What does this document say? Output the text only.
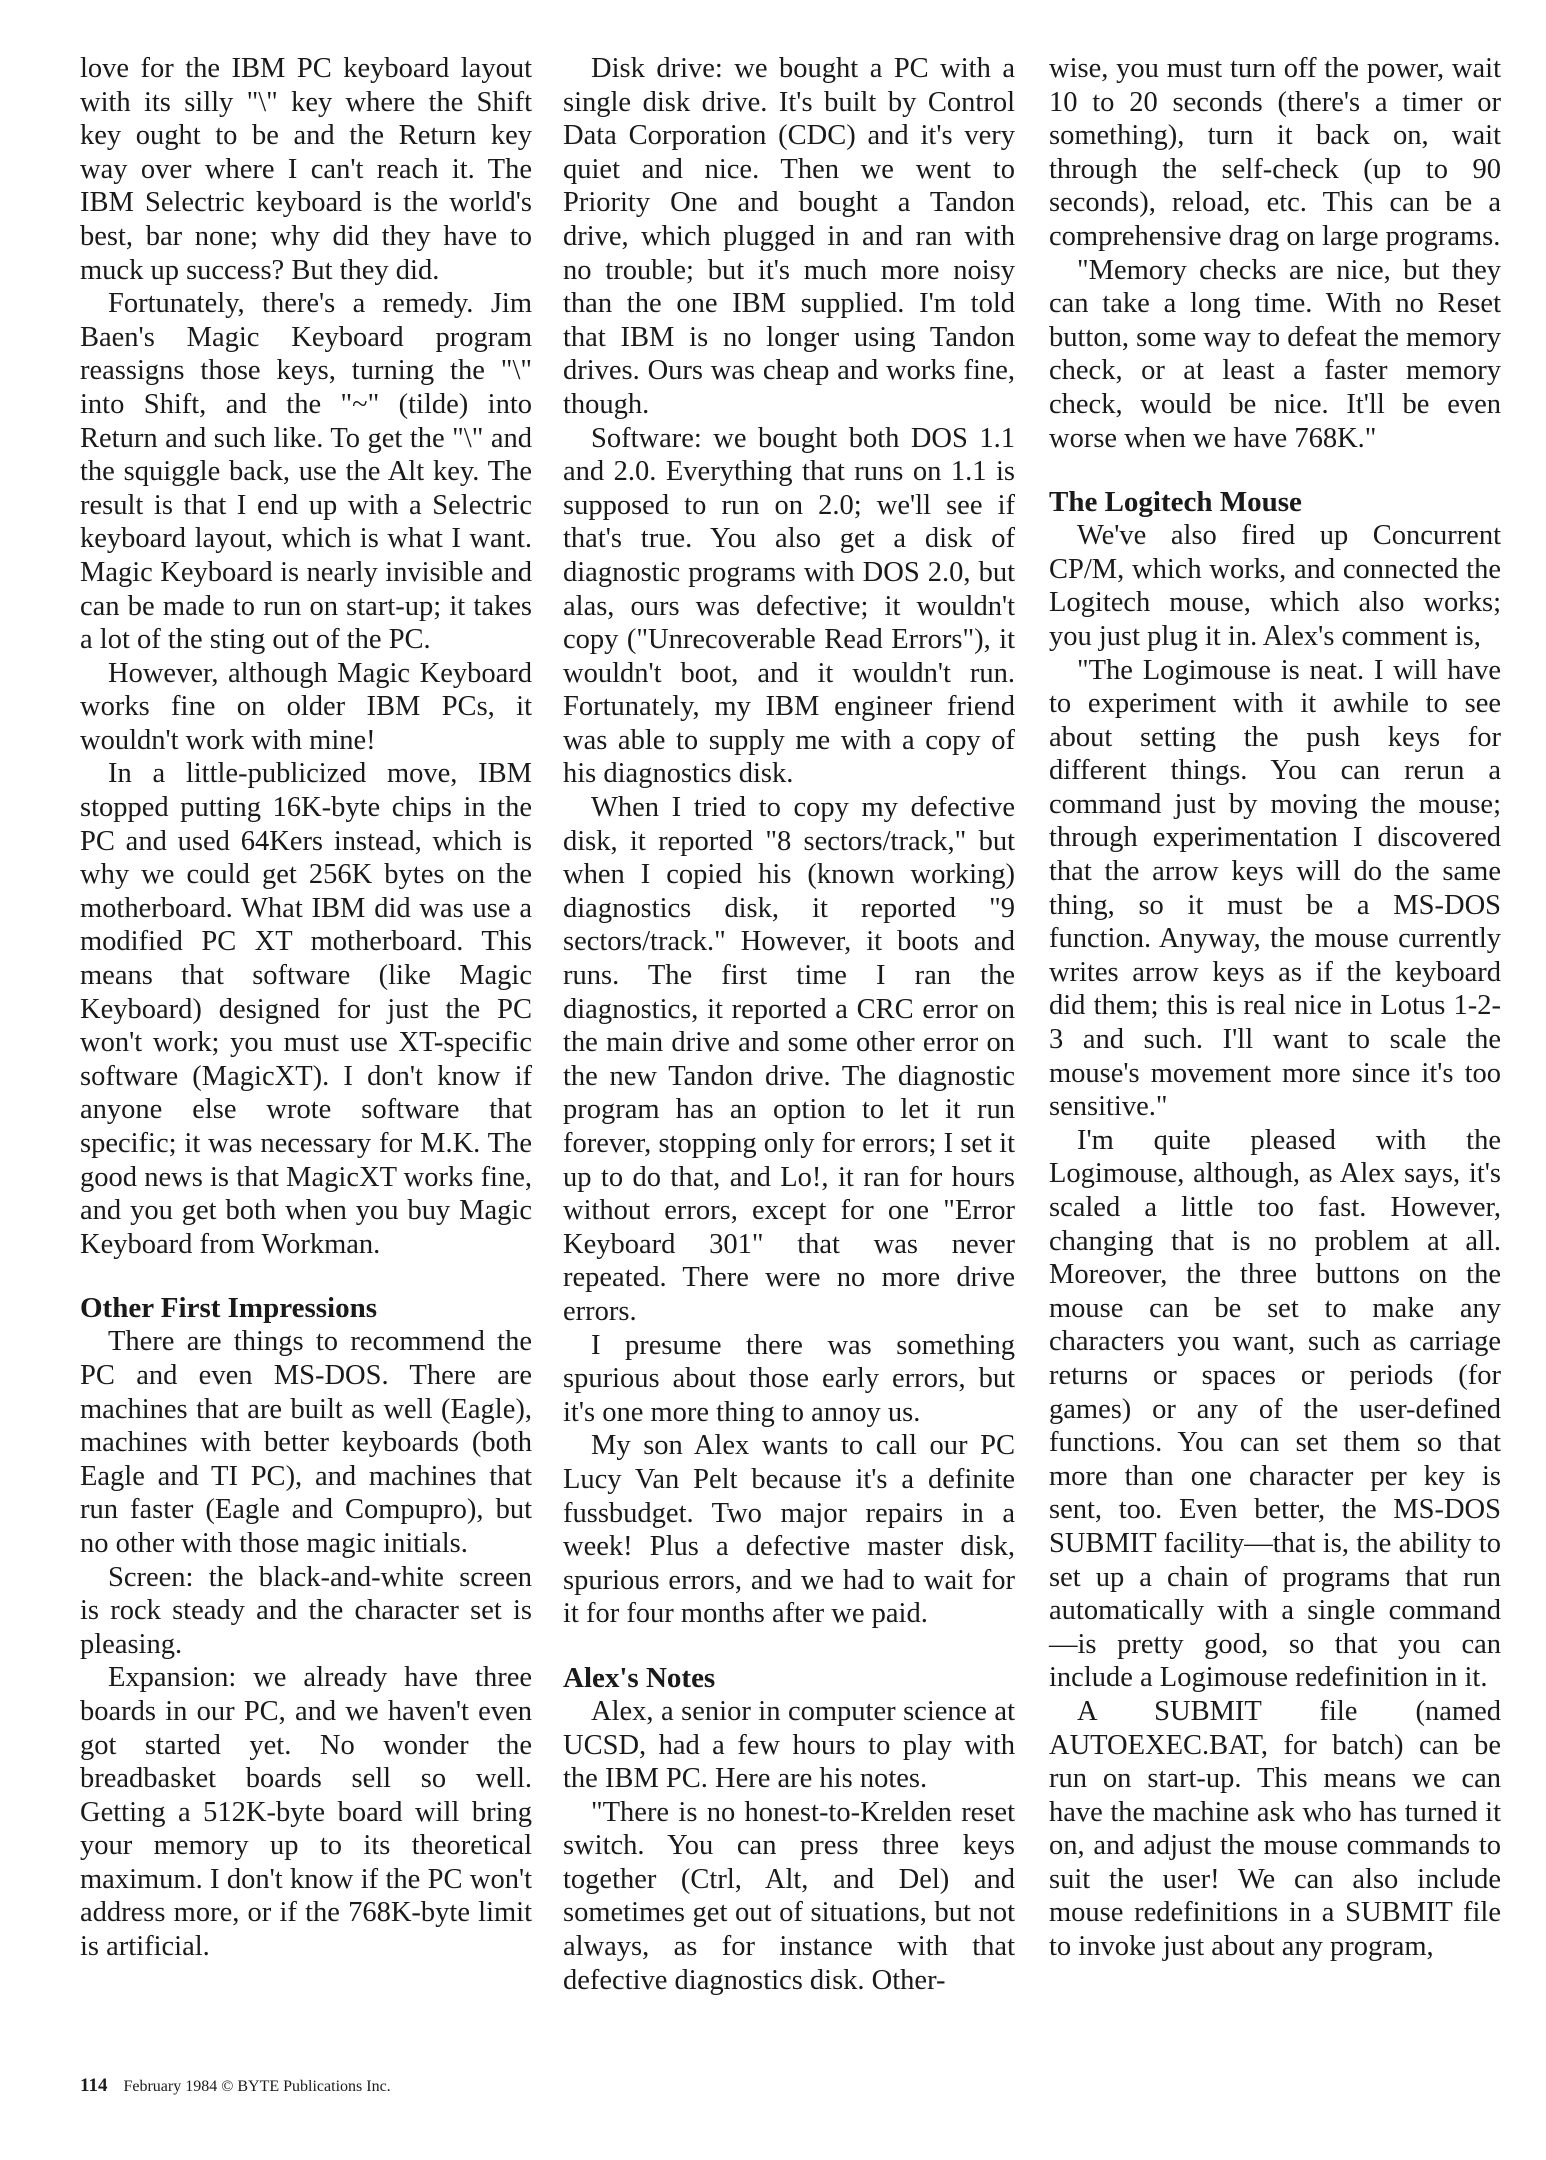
love for the IBM PC keyboard layout with its silly "\" key where the Shift key ought to be and the Return key way over where I can't reach it. The IBM Selectric keyboard is the world's best, bar none; why did they have to muck up success? But they did.

Fortunately, there's a remedy. Jim Baen's Magic Keyboard program reassigns those keys, turning the "\" into Shift, and the "~" (tilde) into Return and such like. To get the "\" and the squiggle back, use the Alt key. The result is that I end up with a Selectric keyboard layout, which is what I want. Magic Keyboard is nearly invisible and can be made to run on start-up; it takes a lot of the sting out of the PC.

However, although Magic Keyboard works fine on older IBM PCs, it wouldn't work with mine!

In a little-publicized move, IBM stopped putting 16K-byte chips in the PC and used 64Kers instead, which is why we could get 256K bytes on the motherboard. What IBM did was use a modified PC XT motherboard. This means that software (like Magic Keyboard) designed for just the PC won't work; you must use XT-specific software (MagicXT). I don't know if anyone else wrote software that specific; it was necessary for M.K. The good news is that MagicXT works fine, and you get both when you buy Magic Keyboard from Workman.

Other First Impressions

There are things to recommend the PC and even MS-DOS. There are machines that are built as well (Eagle), machines with better keyboards (both Eagle and TI PC), and machines that run faster (Eagle and Compupro), but no other with those magic initials.

Screen: the black-and-white screen is rock steady and the character set is pleasing.

Expansion: we already have three boards in our PC, and we haven't even got started yet. No wonder the breadbasket boards sell so well. Getting a 512K-byte board will bring your memory up to its theoretical maximum. I don't know if the PC won't address more, or if the 768K-byte limit is artificial.

Disk drive: we bought a PC with a single disk drive. It's built by Control Data Corporation (CDC) and it's very quiet and nice. Then we went to Priority One and bought a Tandon drive, which plugged in and ran with no trouble; but it's much more noisy than the one IBM supplied. I'm told that IBM is no longer using Tandon drives. Ours was cheap and works fine, though.

Software: we bought both DOS 1.1 and 2.0. Everything that runs on 1.1 is supposed to run on 2.0; we'll see if that's true. You also get a disk of diagnostic programs with DOS 2.0, but alas, ours was defective; it wouldn't copy ("Unrecoverable Read Errors"), it wouldn't boot, and it wouldn't run. Fortunately, my IBM engineer friend was able to supply me with a copy of his diagnostics disk.

When I tried to copy my defective disk, it reported "8 sectors/track," but when I copied his (known working) diagnostics disk, it reported "9 sectors/track." However, it boots and runs. The first time I ran the diagnostics, it reported a CRC error on the main drive and some other error on the new Tandon drive. The diagnostic program has an option to let it run forever, stopping only for errors; I set it up to do that, and Lo!, it ran for hours without errors, except for one "Error Keyboard 301" that was never repeated. There were no more drive errors.

I presume there was something spurious about those early errors, but it's one more thing to annoy us.

My son Alex wants to call our PC Lucy Van Pelt because it's a definite fussbudget. Two major repairs in a week! Plus a defective master disk, spurious errors, and we had to wait for it for four months after we paid.

Alex's Notes

Alex, a senior in computer science at UCSD, had a few hours to play with the IBM PC. Here are his notes.

"There is no honest-to-Krelden reset switch. You can press three keys together (Ctrl, Alt, and Del) and sometimes get out of situations, but not always, as for instance with that defective diagnostics disk. Other-

wise, you must turn off the power, wait 10 to 20 seconds (there's a timer or something), turn it back on, wait through the self-check (up to 90 seconds), reload, etc. This can be a comprehensive drag on large programs.

"Memory checks are nice, but they can take a long time. With no Reset button, some way to defeat the memory check, or at least a faster memory check, would be nice. It'll be even worse when we have 768K."

The Logitech Mouse

We've also fired up Concurrent CP/M, which works, and connected the Logitech mouse, which also works; you just plug it in. Alex's comment is,

"The Logimouse is neat. I will have to experiment with it awhile to see about setting the push keys for different things. You can rerun a command just by moving the mouse; through experimentation I discovered that the arrow keys will do the same thing, so it must be a MS-DOS function. Anyway, the mouse currently writes arrow keys as if the keyboard did them; this is real nice in Lotus 1-2-3 and such. I'll want to scale the mouse's movement more since it's too sensitive."

I'm quite pleased with the Logimouse, although, as Alex says, it's scaled a little too fast. However, changing that is no problem at all. Moreover, the three buttons on the mouse can be set to make any characters you want, such as carriage returns or spaces or periods (for games) or any of the user-defined functions. You can set them so that more than one character per key is sent, too. Even better, the MS-DOS SUBMIT facility—that is, the ability to set up a chain of programs that run automatically with a single command—is pretty good, so that you can include a Logimouse redefinition in it.

A SUBMIT file (named AUTOEXEC.BAT, for batch) can be run on start-up. This means we can have the machine ask who has turned it on, and adjust the mouse commands to suit the user! We can also include mouse redefinitions in a SUBMIT file to invoke just about any program,

114 February 1984 © BYTE Publications Inc.
